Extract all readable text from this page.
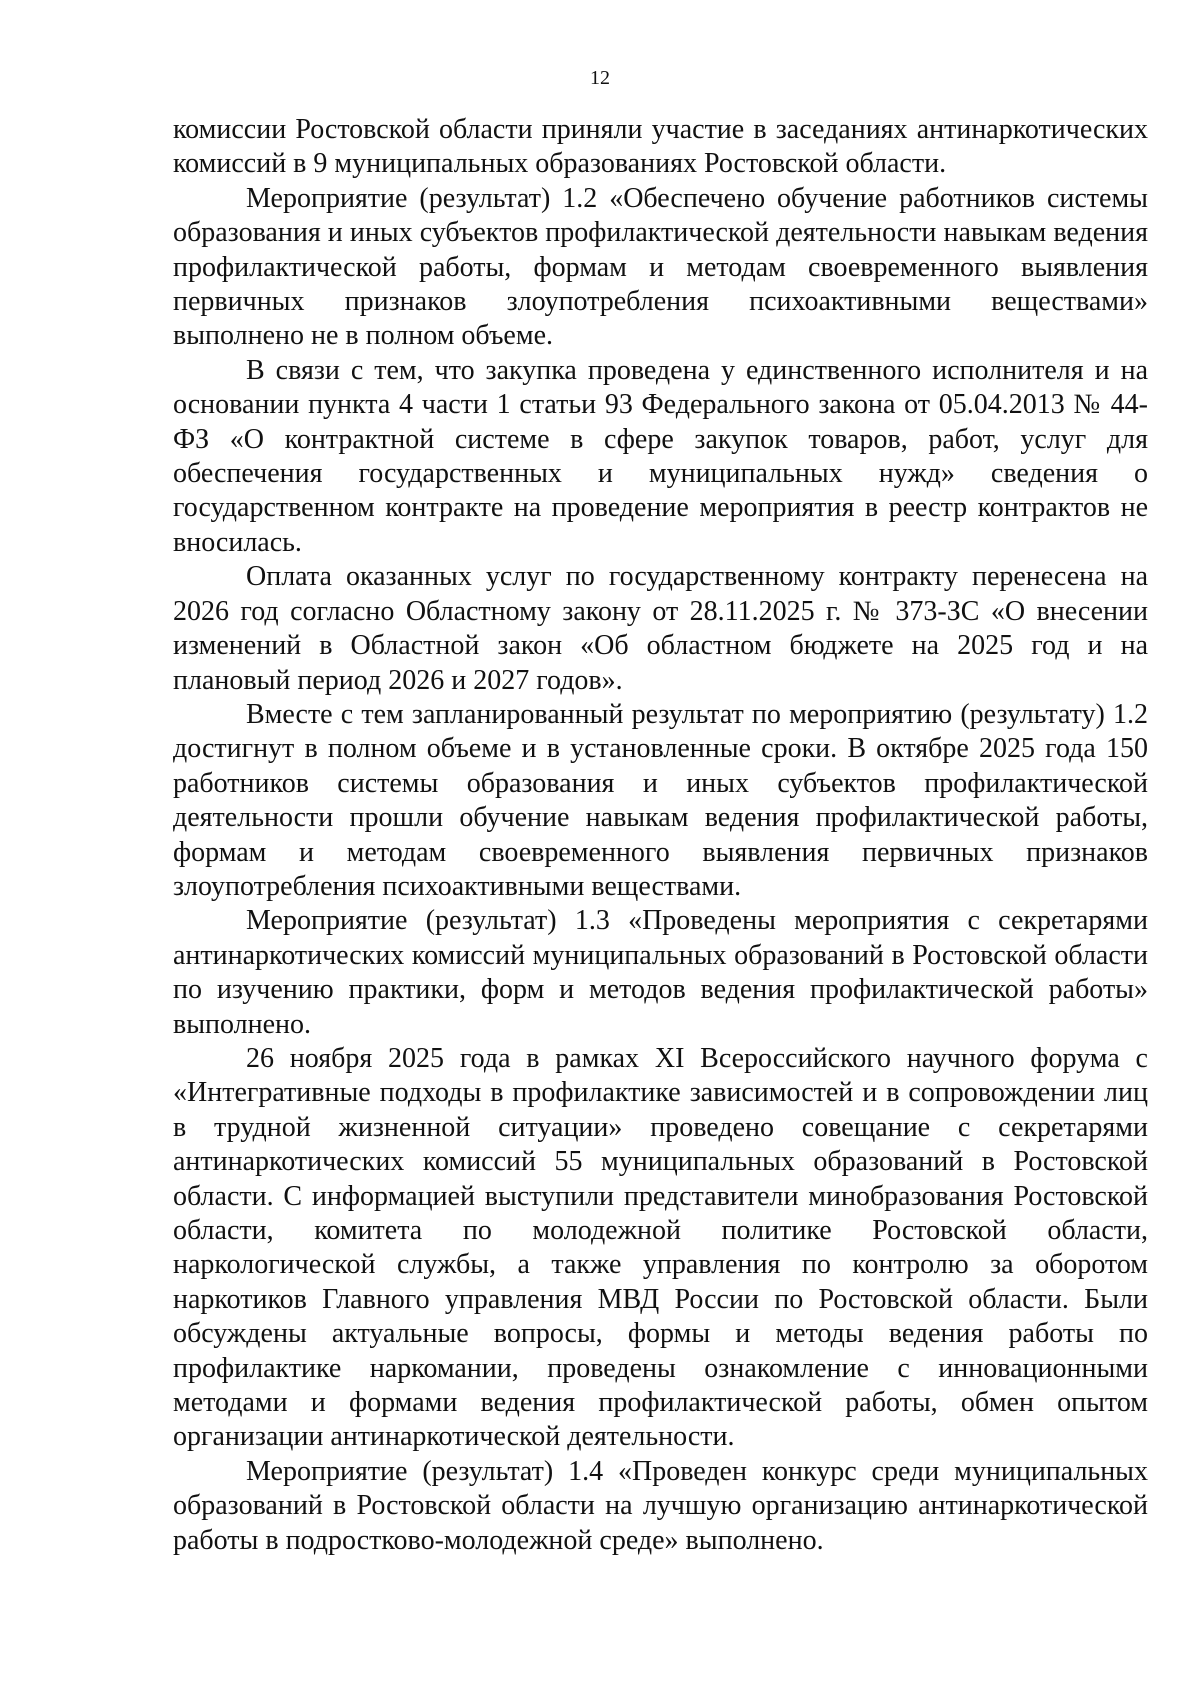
12

комиссии Ростовской области приняли участие в заседаниях антинаркотических комиссий в 9 муниципальных образованиях Ростовской области.

Мероприятие (результат) 1.2 «Обеспечено обучение работников системы образования и иных субъектов профилактической деятельности навыкам ведения профилактической работы, формам и методам своевременного выявления первичных признаков злоупотребления психоактивными веществами» выполнено не в полном объеме.

В связи с тем, что закупка проведена у единственного исполнителя и на основании пункта 4 части 1 статьи 93 Федерального закона от 05.04.2013 № 44-ФЗ «О контрактной системе в сфере закупок товаров, работ, услуг для обеспечения государственных и муниципальных нужд» сведения о государственном контракте на проведение мероприятия в реестр контрактов не вносилась.

Оплата оказанных услуг по государственному контракту перенесена на 2026 год согласно Областному закону от 28.11.2025 г. № 373-ЗС «О внесении изменений в Областной закон «Об областном бюджете на 2025 год и на плановый период 2026 и 2027 годов».

Вместе с тем запланированный результат по мероприятию (результату) 1.2 достигнут в полном объеме и в установленные сроки. В октябре 2025 года 150 работников системы образования и иных субъектов профилактической деятельности прошли обучение навыкам ведения профилактической работы, формам и методам своевременного выявления первичных признаков злоупотребления психоактивными веществами.

Мероприятие (результат) 1.3 «Проведены мероприятия с секретарями антинаркотических комиссий муниципальных образований в Ростовской области по изучению практики, форм и методов ведения профилактической работы» выполнено.

26 ноября 2025 года в рамках XI Всероссийского научного форума с «Интегративные подходы в профилактике зависимостей и в сопровождении лиц в трудной жизненной ситуации» проведено совещание с секретарями антинаркотических комиссий 55 муниципальных образований в Ростовской области. С информацией выступили представители минобразования Ростовской области, комитета по молодежной политике Ростовской области, наркологической службы, а также управления по контролю за оборотом наркотиков Главного управления МВД России по Ростовской области. Были обсуждены актуальные вопросы, формы и методы ведения работы по профилактике наркомании, проведены ознакомление с инновационными методами и формами ведения профилактической работы, обмен опытом организации антинаркотической деятельности.

Мероприятие (результат) 1.4 «Проведен конкурс среди муниципальных образований в Ростовской области на лучшую организацию антинаркотической работы в подростково-молодежной среде» выполнено.
